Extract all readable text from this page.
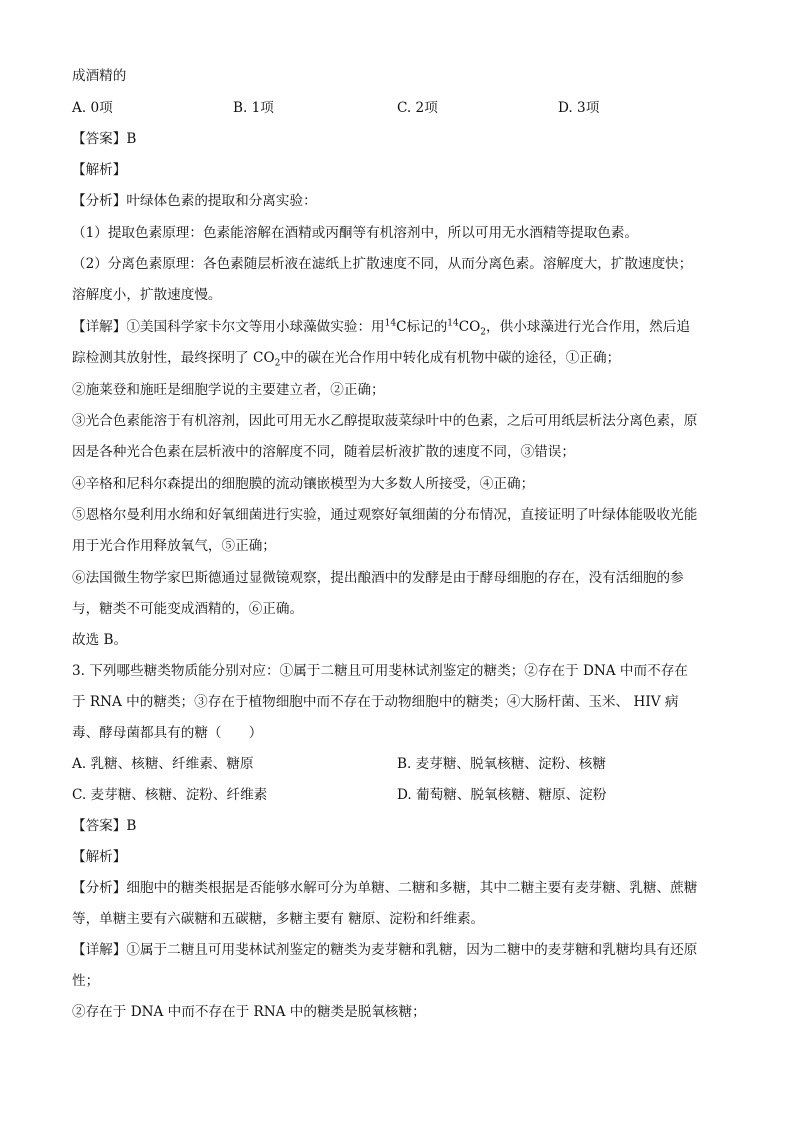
成酒精的
A. 0项	B. 1项	C. 2项	D. 3项
【答案】B
【解析】
【分析】叶绿体色素的提取和分离实验：
（1）提取色素原理：色素能溶解在酒精或丙酮等有机溶剂中，所以可用无水酒精等提取色素。
（2）分离色素原理：各色素随层析液在滤纸上扩散速度不同，从而分离色素。溶解度大，扩散速度快；
溶解度小，扩散速度慢。
【详解】①美国科学家卡尔文等用小球藻做实验：用$^{14}$C标记的$^{14}CO_2$，供小球藻进行光合作用，然后追
踪检测其放射性，最终探明了 $CO_2$中的碳在光合作用中转化成有机物中碳的途径，①正确；
②施莱登和施旺是细胞学说的主要建立者，②正确；
③光合色素能溶于有机溶剂，因此可用无水乙醇提取菠菜绿叶中的色素，之后可用纸层析法分离色素，原
因是各种光合色素在层析液中的溶解度不同，随着层析液扩散的速度不同，③错误；
④辛格和尼科尔森提出的细胞膜的流动镶嵌模型为大多数人所接受，④正确；
⑤恩格尔曼利用水绵和好氧细菌进行实验，通过观察好氧细菌的分布情况，直接证明了叶绿体能吸收光能
用于光合作用释放氧气，⑤正确；
⑥法国微生物学家巴斯德通过显微镜观察，提出酿酒中的发酵是由于酵母细胞的存在，没有活细胞的参
与，糖类不可能变成酒精的，⑥正确。
故选 B。
3. 下列哪些糖类物质能分别对应：①属于二糖且可用斐林试剂鉴定的糖类；②存在于 DNA 中而不存在
于 RNA 中的糖类；③存在于植物细胞中而不存在于动物细胞中的糖类；④大肠杆菌、玉米、 HIV 病
毒、酵母菌都具有的糖（　　）
A. 乳糖、核糖、纤维素、糖原	B. 麦芽糖、脱氧核糖、淀粉、核糖
C. 麦芽糖、核糖、淀粉、纤维素	D. 葡萄糖、脱氧核糖、糖原、淀粉
【答案】B
【解析】
【分析】细胞中的糖类根据是否能够水解可分为单糖、二糖和多糖，其中二糖主要有麦芽糖、乳糖、蔗糖
等，单糖主要有六碳糖和五碳糖，多糖主要有 糖原、淀粉和纤维素。
【详解】①属于二糖且可用斐林试剂鉴定的糖类为麦芽糖和乳糖，因为二糖中的麦芽糖和乳糖均具有还原
性；
②存在于 DNA 中而不存在于 RNA 中的糖类是脱氧核糖；
